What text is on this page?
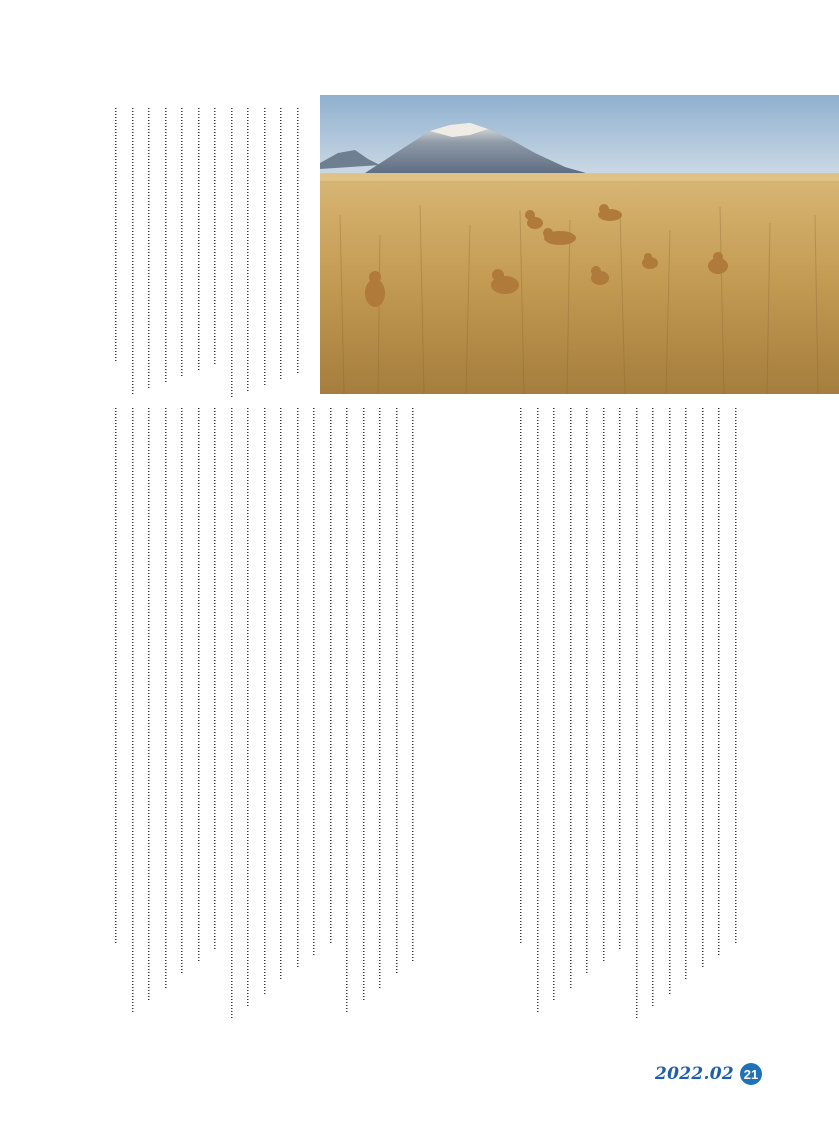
2022.02 21
